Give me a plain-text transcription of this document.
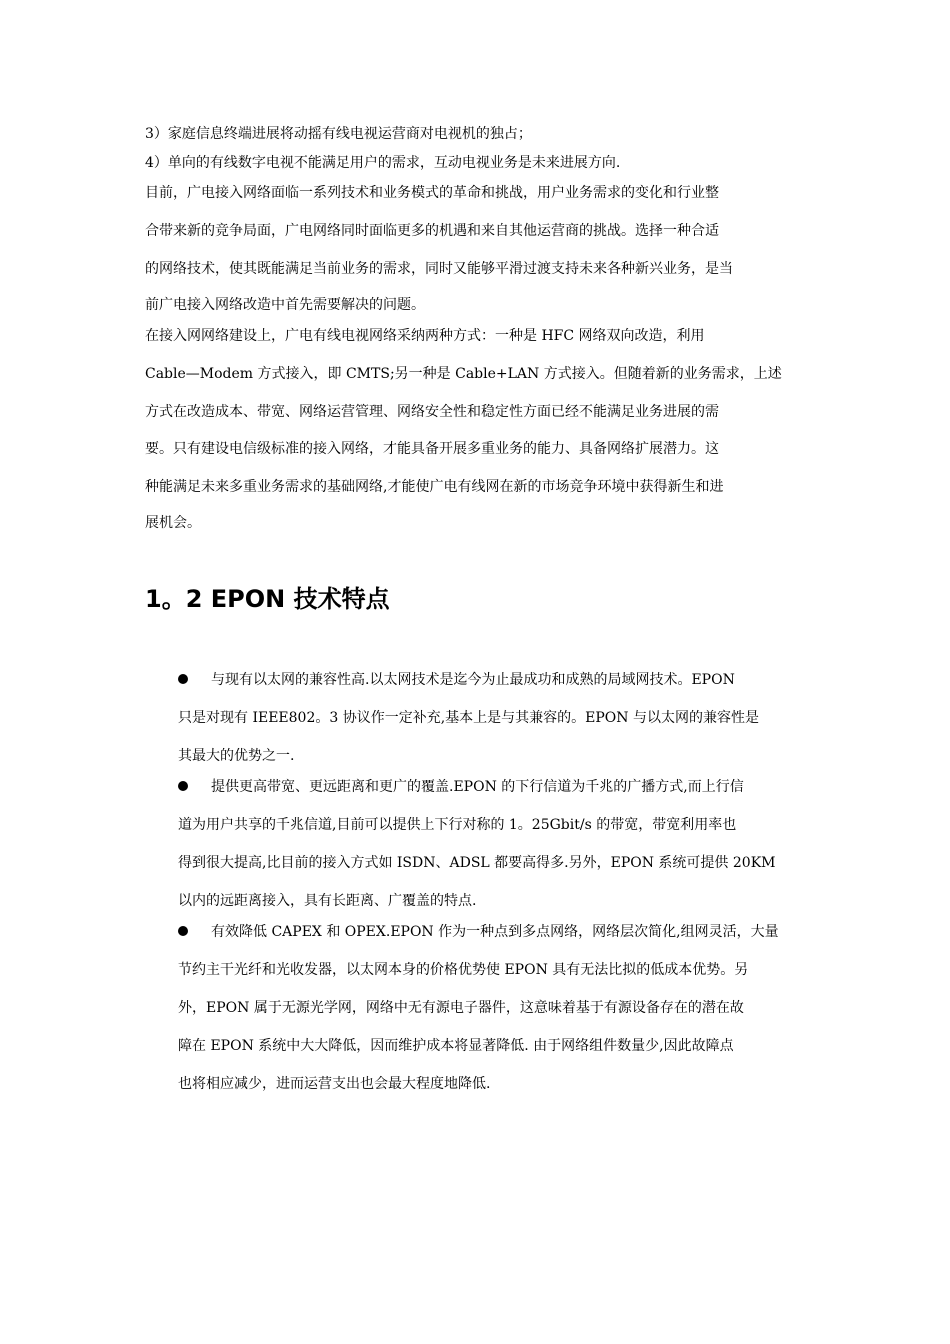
3）家庭信息终端进展将动摇有线电视运营商对电视机的独占；
4）单向的有线数字电视不能满足用户的需求，互动电视业务是未来进展方向.
目前，广电接入网络面临一系列技术和业务模式的革命和挑战，用户业务需求的变化和行业整
合带来新的竞争局面，广电网络同时面临更多的机遇和来自其他运营商的挑战。选择一种合适
的网络技术，使其既能满足当前业务的需求，同时又能够平滑过渡支持未来各种新兴业务，是当
前广电接入网络改造中首先需要解决的问题。
在接入网网络建设上，广电有线电视网络采纳两种方式：一种是 HFC 网络双向改造，利用
Cable—Modem 方式接入，即 CMTS;另一种是 Cable+LAN 方式接入。但随着新的业务需求，上述
方式在改造成本、带宽、网络运营管理、网络安全性和稳定性方面已经不能满足业务进展的需
要。只有建设电信级标准的接入网络，才能具备开展多重业务的能力、具备网络扩展潜力。这
种能满足未来多重业务需求的基础网络,才能使广电有线网在新的市场竞争环境中获得新生和进
展机会。
1。2 EPON 技术特点
与现有以太网的兼容性高.以太网技术是迄今为止最成功和成熟的局域网技术。EPON
只是对现有 IEEE802。3 协议作一定补充,基本上是与其兼容的。EPON 与以太网的兼容性是
其最大的优势之一.
提供更高带宽、更远距离和更广的覆盖.EPON 的下行信道为千兆的广播方式,而上行信
道为用户共享的千兆信道,目前可以提供上下行对称的 1。25Gbit/s 的带宽，带宽利用率也
得到很大提高,比目前的接入方式如 ISDN、ADSL 都要高得多.另外，EPON 系统可提供 20KM
以内的远距离接入，具有长距离、广覆盖的特点.
有效降低 CAPEX 和 OPEX.EPON 作为一种点到多点网络，网络层次简化,组网灵活，大量
节约主干光纤和光收发器，以太网本身的价格优势使 EPON 具有无法比拟的低成本优势。另
外，EPON 属于无源光学网，网络中无有源电子器件，这意味着基于有源设备存在的潜在故
障在 EPON 系统中大大降低，因而维护成本将显著降低. 由于网络组件数量少,因此故障点
也将相应减少，进而运营支出也会最大程度地降低.
